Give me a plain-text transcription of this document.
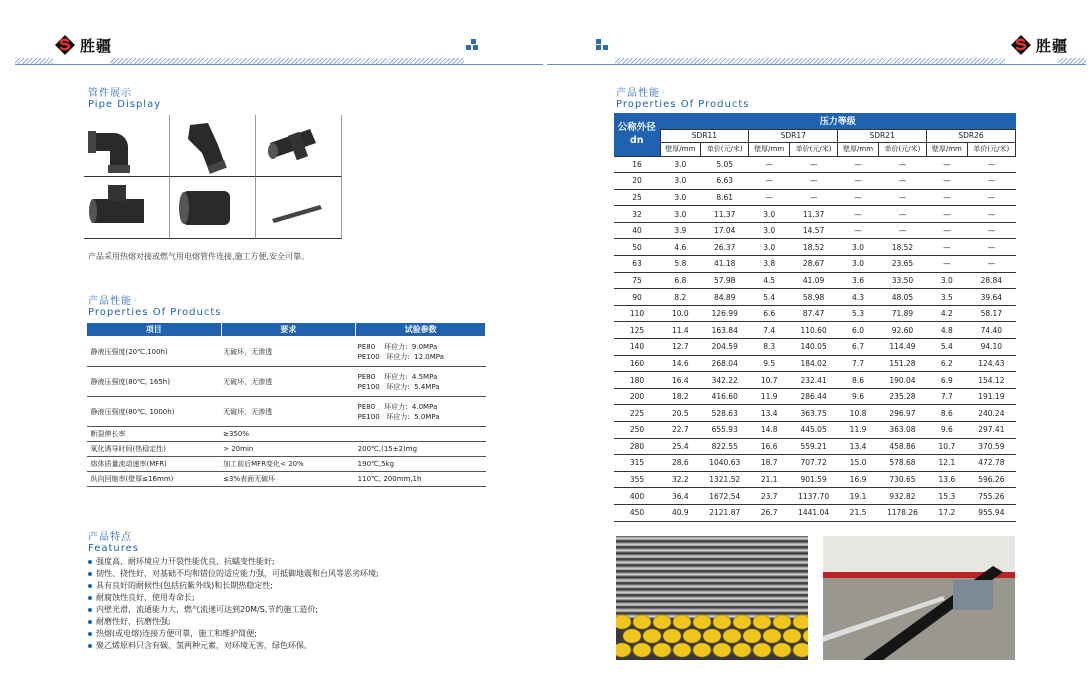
胜疆	胜疆
管件展示
Pipe Display
产品采用热熔对接或燃气用电熔管件连接,施工方便,安全可靠。
产品性能
Properties Of Products
项目	要求	试验参数
静液压强度(20℃,100h)	无破坏，无渗透	PE80    环应力:  9.0MPa
PE100   环应力:  12.0MPa

静液压强度(80℃, 165h)	无破坏，无渗透	PE80    环应力:  4.5MPa
PE100   环应力:  5.4MPa

静液压强度(80℃, 1000h)	无破坏，无渗透	PE80    环应力:  4.0MPa
PE100   环应力:  5.0MPa

断裂伸长率	≥350%	

氧化诱导时间(热稳定性)	> 20min	200℃,(15±2)mg

熔体质量流动速率(MFR)	加工前后MFR变化< 20%	190℃,5kg

纵向回缩率(壁厚≤16mm)	≤3%表面无破坏	110℃, 200mm,1h
产品特点
Features
强度高、耐环境应力开裂性能优良、抗蠕变性能好;
韧性、挠性好，对基础不均和错位的适应能力强，可抵御地震和台风等恶劣环境;
具有良好的耐候性(包括抗紫外线)和长期热稳定性;
耐腐蚀性良好，使用寿命长;
内壁光滑，流通能力大，燃气流速可达到20M/S,节约施工造价;
耐磨性好，抗磨性强;
热熔(或电熔)连接方便可靠，施工和维护简便;
聚乙烯原料只含有碳、氢两种元素，对环境无害，绿色环保。
产品性能
Properties Of Products
公称外径
dn	压力等级							
	SDR11		SDR17		SDR21		SDR26	
	壁厚/mm	单价(元/米)	壁厚/mm	单价(元/米)	壁厚/mm	单价(元/米)	壁厚/mm	单价(元/米)
16	3.0	5.05	—	—	—	—	—	—
20	3.0	6.63	—	—	—	—	—	—
25	3.0	8.61	—	—	—	—	—	—
32	3.0	11.37	3.0	11.37	—	—	—	—
40	3.9	17.04	3.0	14.57	—	—	—	—
50	4.6	26.37	3.0	18.52	3.0	18.52	—	—
63	5.8	41.18	3.8	28.67	3.0	23.65	—	—
75	6.8	57.98	4.5	41.09	3.6	33.50	3.0	28.84
90	8.2	84.89	5.4	58.98	4.3	48.05	3.5	39.64
110	10.0	126.99	6.6	87.47	5.3	71.89	4.2	58.17
125	11.4	163.84	7.4	110.60	6.0	92.60	4.8	74.40
140	12.7	204.59	8.3	140.05	6.7	114.49	5.4	94.10
160	14.6	268.04	9.5	184.02	7.7	151.28	6.2	124.43
180	16.4	342.22	10.7	232.41	8.6	190.04	6.9	154.12
200	18.2	416.60	11.9	286.44	9.6	235.28	7.7	191.19
225	20.5	528.63	13.4	363.75	10.8	296.97	8.6	240.24
250	22.7	655.93	14.8	445.05	11.9	363.08	9.6	297.41
280	25.4	822.55	16.6	559.21	13.4	458.86	10.7	370.59
315	28.6	1040.63	18.7	707.72	15.0	578.68	12.1	472.78
355	32.2	1321.52	21.1	901.59	16.9	730.65	13.6	596.26
400	36.4	1672.54	23.7	1137.70	19.1	932.82	15.3	755.26
450	40.9	2121.87	26.7	1441.04	21.5	1178.26	17.2	955.94
